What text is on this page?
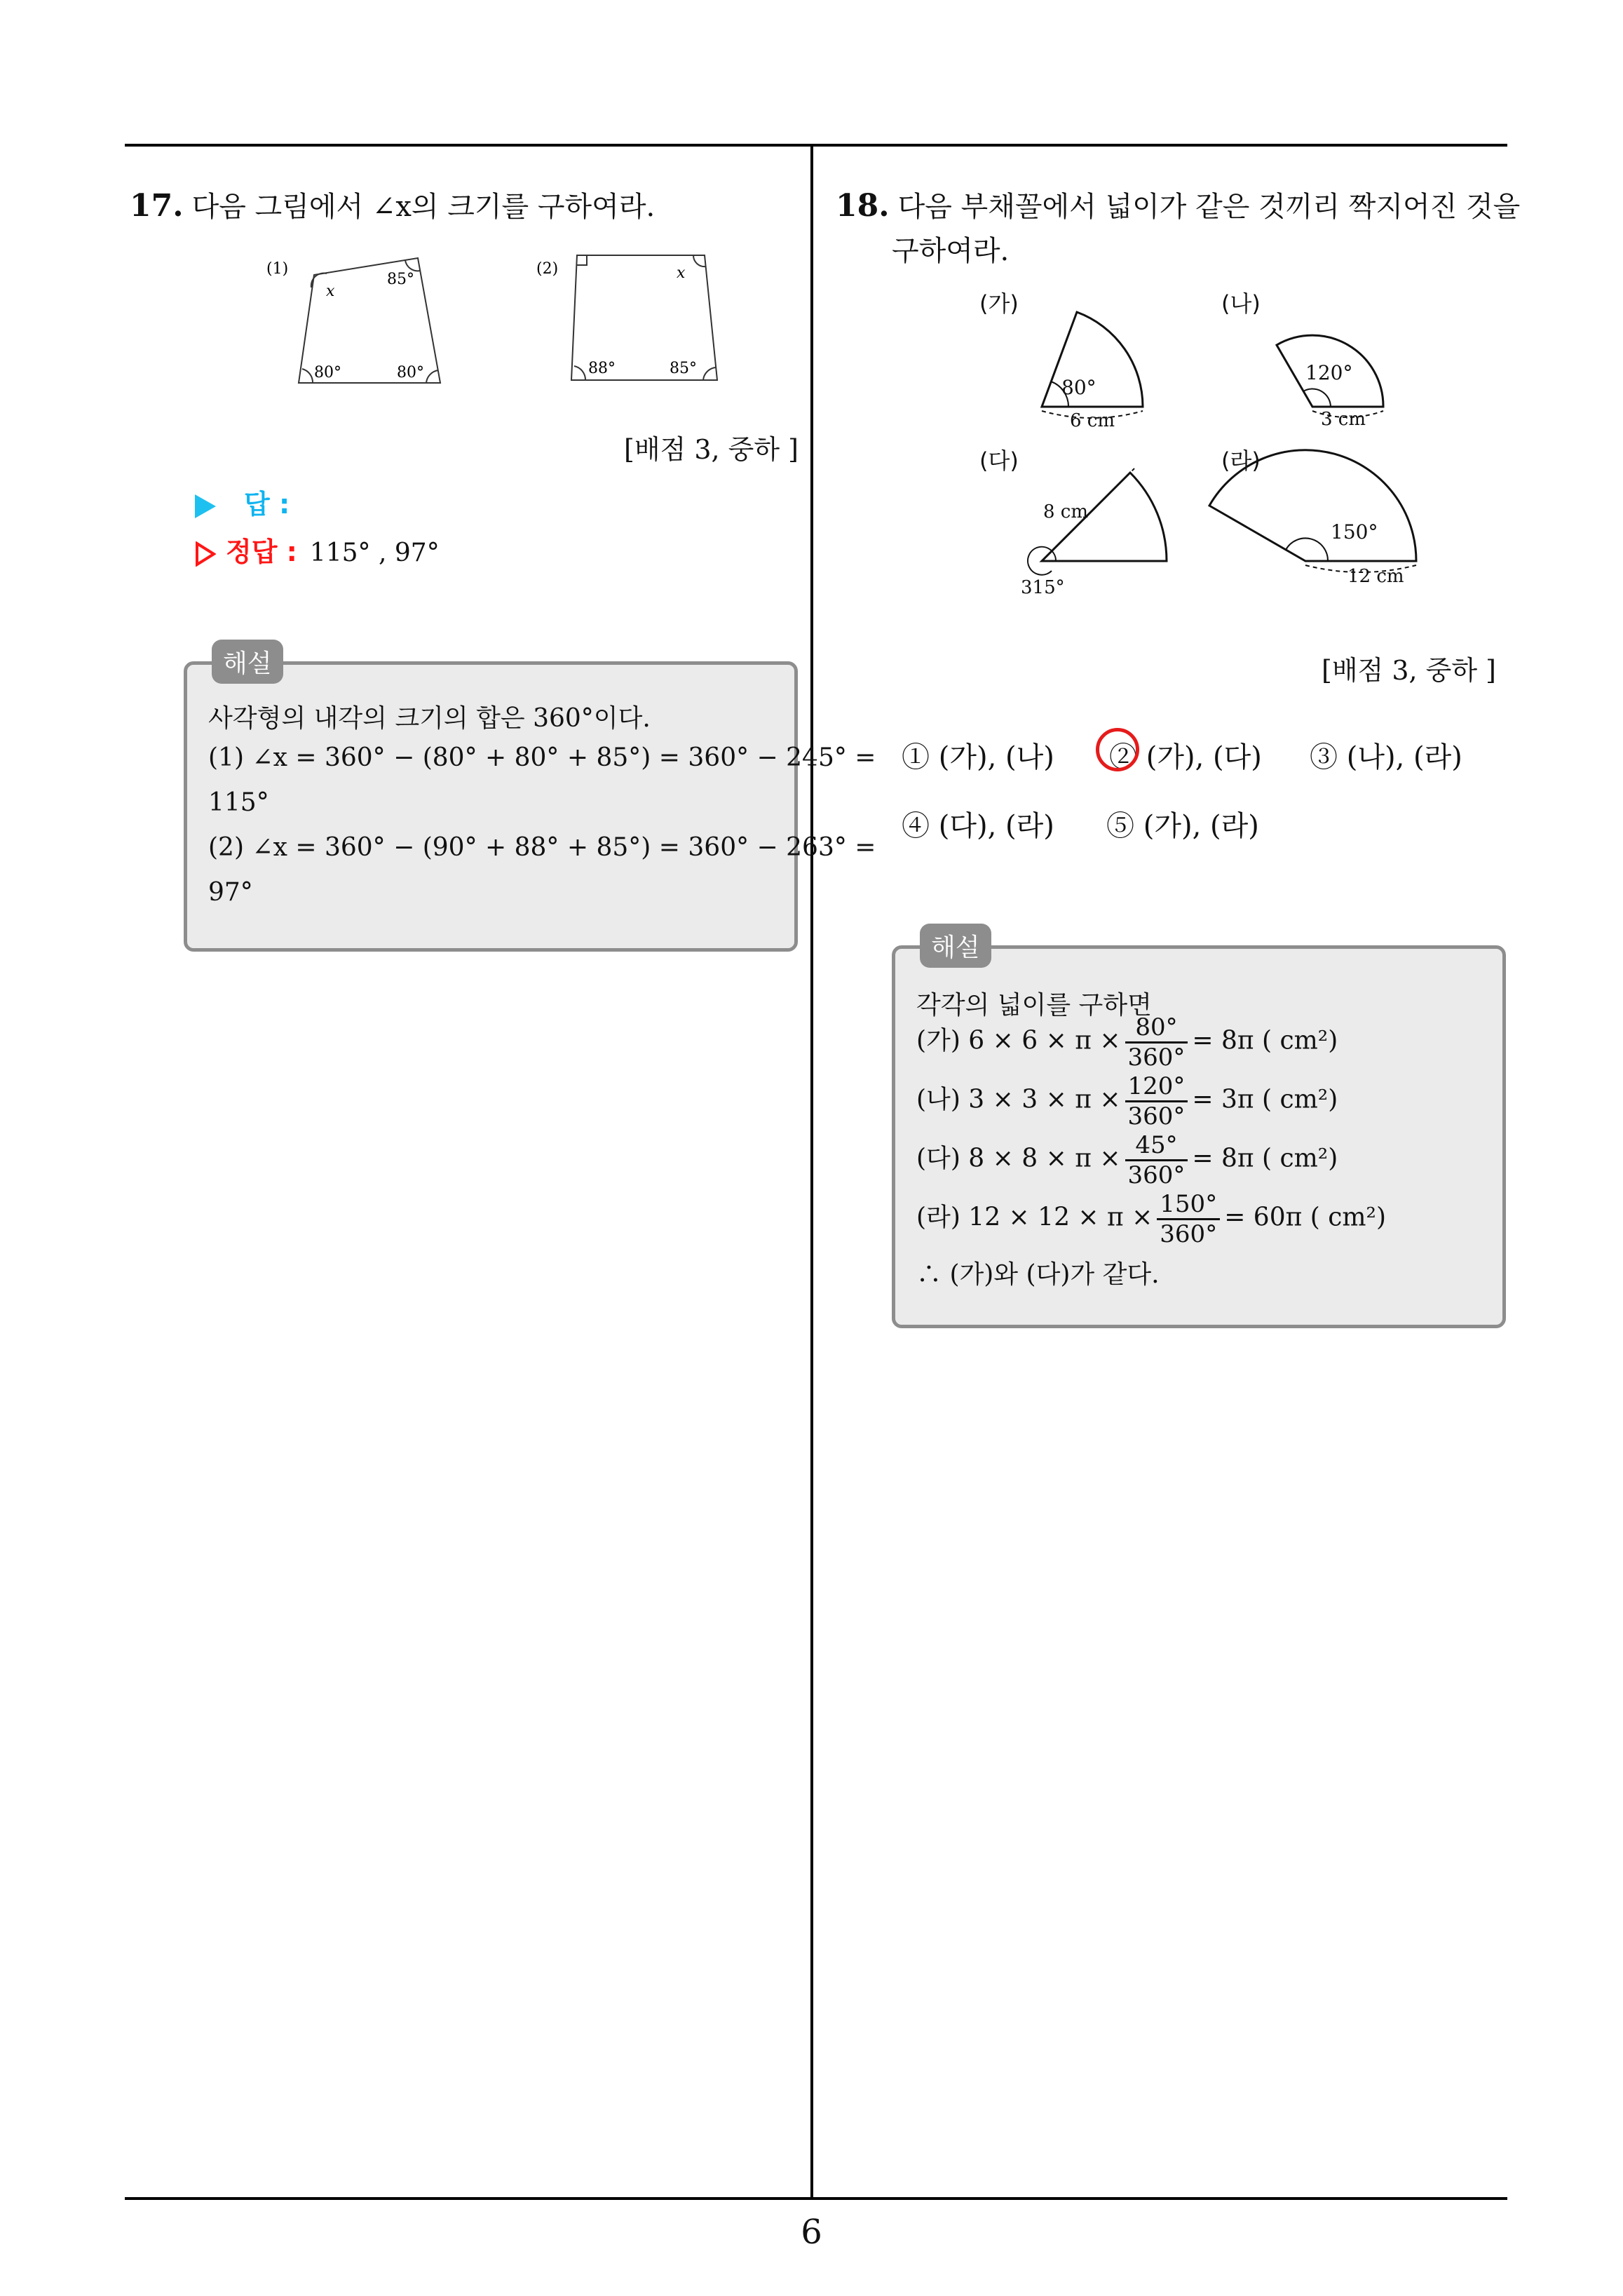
6
17. 다음 그림에서 ∠x의 크기를 구하여라.
(1)
x
85°
80°	80°
(2)	x
88°	85°
[배점 3, 중하 ]
답 :
정답 : 115° , 97°
사각형의 내각의 크기의 합은 360°이다.
(1) ∠x = 360° − (80° + 80° + 85°) = 360° − 245° =
115°
(2) ∠x = 360° − (90° + 88° + 85°) = 360° − 263° =
97°
해설
18. 다음 부채꼴에서 넓이가 같은 것끼리 짝지어진 것을
구하여라.
(가)
80°
6 cm
(나)
120°
3 cm
(다)
8 cm
315°
(라)
150°
12 cm
[배점 3, 중하 ]
① (가), (나) ② (가), (다) ③ (나), (라)
④ (다), (라) ⑤ (가), (라)
각각의 넓이를 구하면
(가) $6 \times 6 \times \pi \times \frac{80^\circ}{360^\circ} = 8\pi$ ( cm²)
(나) $3 \times 3 \times \pi \times \frac{120^\circ}{360^\circ} = 3\pi$ ( cm²)
(다) $8 \times 8 \times \pi \times \frac{45^\circ}{360^\circ} = 8\pi$ ( cm²)
(라) $12 \times 12 \times \pi \times \frac{150^\circ}{360^\circ} = 60\pi$ ( cm²)
∴ (가)와 (다)가 같다.
해설
